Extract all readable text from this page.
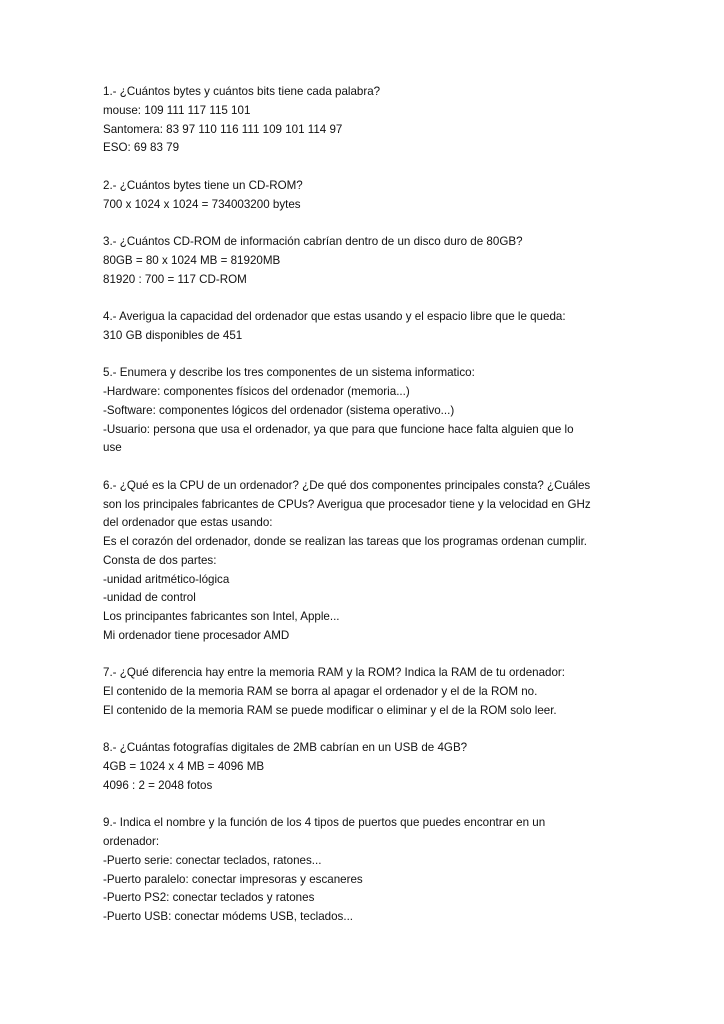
1.- ¿Cuántos bytes y cuántos bits tiene cada palabra?
mouse: 109 111 117 115 101
Santomera: 83 97 110 116 111 109 101 114 97
ESO: 69 83 79
2.- ¿Cuántos bytes tiene un CD-ROM?
700 x 1024 x 1024 = 734003200 bytes
3.- ¿Cuántos CD-ROM de información cabrían dentro de un disco duro de 80GB?
80GB = 80 x 1024 MB = 81920MB
81920 : 700 = 117 CD-ROM
4.- Averigua la capacidad del ordenador que estas usando y el espacio libre que le queda:
310 GB disponibles de 451
5.- Enumera y describe los tres componentes de un sistema informatico:
-Hardware: componentes físicos del ordenador (memoria...)
-Software: componentes lógicos del ordenador (sistema operativo...)
-Usuario: persona que usa el ordenador, ya que para que funcione hace falta alguien que lo
use
6.- ¿Qué es la CPU de un ordenador? ¿De qué dos componentes principales consta? ¿Cuáles
son los principales fabricantes de CPUs? Averigua que procesador tiene y la velocidad en GHz
del ordenador que estas usando:
Es el corazón del ordenador, donde se realizan las tareas que los programas ordenan cumplir.
Consta de dos partes:
-unidad aritmético-lógica
-unidad de control
Los principantes fabricantes son Intel, Apple...
Mi ordenador tiene procesador AMD
7.- ¿Qué diferencia hay entre la memoria RAM y la ROM? Indica la RAM de tu ordenador:
El contenido de la memoria RAM se borra al apagar el ordenador y el de la ROM no.
El contenido de la memoria RAM se puede modificar o eliminar y el de la ROM solo leer.
8.- ¿Cuántas fotografías digitales de 2MB cabrían en un USB de 4GB?
4GB = 1024 x 4 MB = 4096 MB
4096 : 2 = 2048 fotos
9.- Indica el nombre y la función de los 4 tipos de puertos que puedes encontrar en un
ordenador:
-Puerto serie: conectar teclados, ratones...
-Puerto paralelo: conectar impresoras y escaneres
-Puerto PS2: conectar teclados y ratones
-Puerto USB: conectar módems USB, teclados...
